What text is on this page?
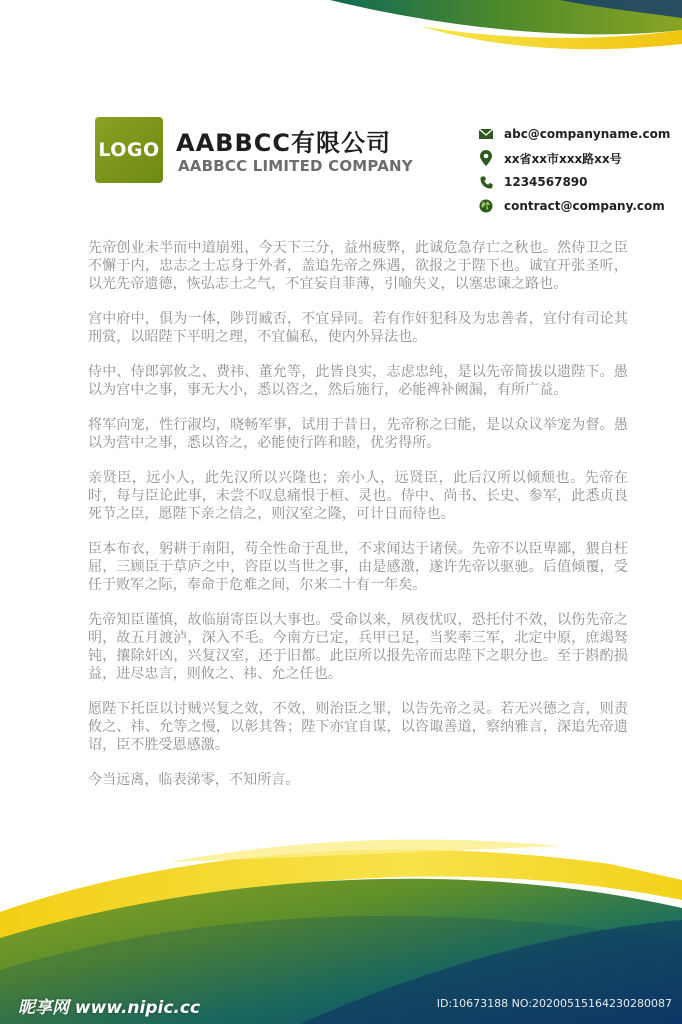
LOGO AABBCC有限公司
AABBCC LIMITED COMPANY
abc@companyname.com
xx省xx市xxx路xx号
1234567890
contract@company.com

先帝创业未半而中道崩殂，今天下三分，益州疲弊，此诚危急存亡之秋也。然侍卫之臣不懈于内，忠志之士忘身于外者，盖追先帝之殊遇，欲报之于陛下也。诚宜开张圣听，以光先帝遗德，恢弘志士之气，不宜妄自菲薄，引喻失义，以塞忠谏之路也。

宫中府中，俱为一体，陟罚臧否，不宜异同。若有作奸犯科及为忠善者，宜付有司论其刑赏，以昭陛下平明之理，不宜偏私，使内外异法也。

侍中、侍郎郭攸之、费祎、董允等，此皆良实，志虑忠纯，是以先帝简拔以遗陛下。愚以为宫中之事，事无大小，悉以咨之，然后施行，必能裨补阙漏，有所广益。

将军向宠，性行淑均，晓畅军事，试用于昔日，先帝称之曰能，是以众议举宠为督。愚以为营中之事，悉以咨之，必能使行阵和睦，优劣得所。

亲贤臣，远小人，此先汉所以兴隆也；亲小人，远贤臣，此后汉所以倾颓也。先帝在时，每与臣论此事，未尝不叹息痛恨于桓、灵也。侍中、尚书、长史、参军，此悉贞良死节之臣，愿陛下亲之信之，则汉室之隆，可计日而待也。

臣本布衣，躬耕于南阳，苟全性命于乱世，不求闻达于诸侯。先帝不以臣卑鄙，猥自枉屈，三顾臣于草庐之中，咨臣以当世之事，由是感激，遂许先帝以驱驰。后值倾覆，受任于败军之际，奉命于危难之间，尔来二十有一年矣。

先帝知臣谨慎，故临崩寄臣以大事也。受命以来，夙夜忧叹，恐托付不效，以伤先帝之明，故五月渡泸，深入不毛。今南方已定，兵甲已足，当奖率三军，北定中原，庶竭驽钝，攘除奸凶，兴复汉室，还于旧都。此臣所以报先帝而忠陛下之职分也。至于斟酌损益，进尽忠言，则攸之、祎、允之任也。

愿陛下托臣以讨贼兴复之效，不效，则治臣之罪，以告先帝之灵。若无兴德之言，则责攸之、祎、允等之慢，以彰其咎；陛下亦宜自谋，以咨诹善道，察纳雅言，深追先帝遗诏，臣不胜受恩感激。

今当远离，临表涕零，不知所言。

昵享网 www.nipic.cc	ID:10673188 NO:20200515164230280087
